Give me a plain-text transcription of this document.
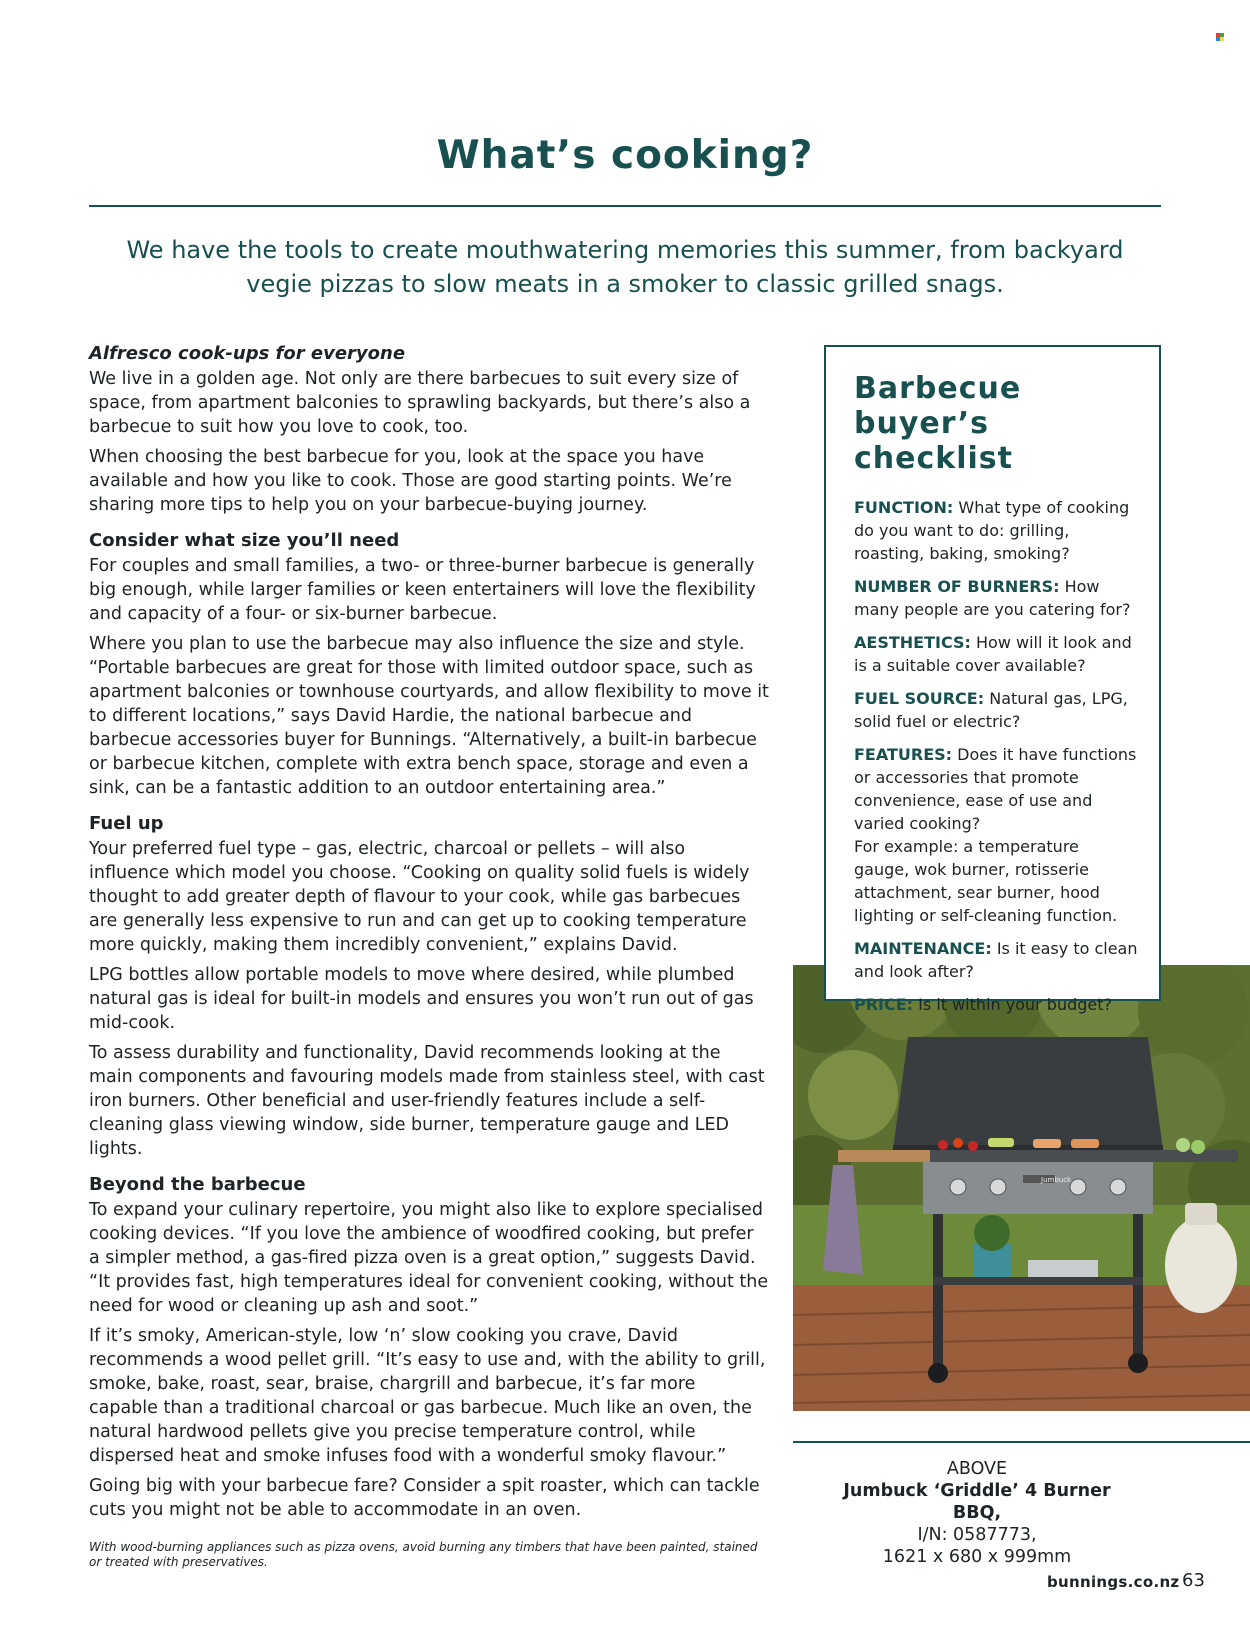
What’s cooking?

We have the tools to create mouthwatering memories this summer, from backyard vegie pizzas to slow meats in a smoker to classic grilled snags.

Alfresco cook-ups for everyone

We live in a golden age. Not only are there barbecues to suit every size of space, from apartment balconies to sprawling backyards, but there’s also a barbecue to suit how you love to cook, too.

When choosing the best barbecue for you, look at the space you have available and how you like to cook. Those are good starting points. We’re sharing more tips to help you on your barbecue-buying journey.

Consider what size you’ll need

For couples and small families, a two- or three-burner barbecue is generally big enough, while larger families or keen entertainers will love the flexibility and capacity of a four- or six-burner barbecue.

Where you plan to use the barbecue may also influence the size and style. “Portable barbecues are great for those with limited outdoor space, such as apartment balconies or townhouse courtyards, and allow flexibility to move it to different locations,” says David Hardie, the national barbecue and barbecue accessories buyer for Bunnings. “Alternatively, a built-in barbecue or barbecue kitchen, complete with extra bench space, storage and even a sink, can be a fantastic addition to an outdoor entertaining area.”

Fuel up

Your preferred fuel type – gas, electric, charcoal or pellets – will also influence which model you choose. “Cooking on quality solid fuels is widely thought to add greater depth of flavour to your cook, while gas barbecues are generally less expensive to run and can get up to cooking temperature more quickly, making them incredibly convenient,” explains David.

LPG bottles allow portable models to move where desired, while plumbed natural gas is ideal for built-in models and ensures you won’t run out of gas mid-cook.

To assess durability and functionality, David recommends looking at the main components and favouring models made from stainless steel, with cast iron burners. Other beneficial and user-friendly features include a self-cleaning glass viewing window, side burner, temperature gauge and LED lights.

Beyond the barbecue

To expand your culinary repertoire, you might also like to explore specialised cooking devices. “If you love the ambience of woodfired cooking, but prefer a simpler method, a gas-fired pizza oven is a great option,” suggests David. “It provides fast, high temperatures ideal for convenient cooking, without the need for wood or cleaning up ash and soot.”

If it’s smoky, American-style, low ‘n’ slow cooking you crave, David recommends a wood pellet grill. “It’s easy to use and, with the ability to grill, smoke, bake, roast, sear, braise, chargrill and barbecue, it’s far more capable than a traditional charcoal or gas barbecue. Much like an oven, the natural hardwood pellets give you precise temperature control, while dispersed heat and smoke infuses food with a wonderful smoky flavour.”

Going big with your barbecue fare? Consider a spit roaster, which can tackle cuts you might not be able to accommodate in an oven.

With wood-burning appliances such as pizza ovens, avoid burning any timbers that have been painted, stained or treated with preservatives.

Barbecue buyer’s checklist
FUNCTION: What type of cooking do you want to do: grilling, roasting, baking, smoking?
NUMBER OF BURNERS: How many people are you catering for?
AESTHETICS: How will it look and is a suitable cover available?
FUEL SOURCE: Natural gas, LPG, solid fuel or electric?
FEATURES: Does it have functions or accessories that promote convenience, ease of use and varied cooking?
For example: a temperature gauge, wok burner, rotisserie attachment, sear burner, hood lighting or self-cleaning function.
MAINTENANCE: Is it easy to clean and look after?
PRICE: Is it within your budget?
Jumbuck
ABOVE
Jumbuck ‘Griddle’ 4 Burner BBQ,
I/N: 0587773,
1621 x 680 x 999mm
bunnings.co.nz 63
